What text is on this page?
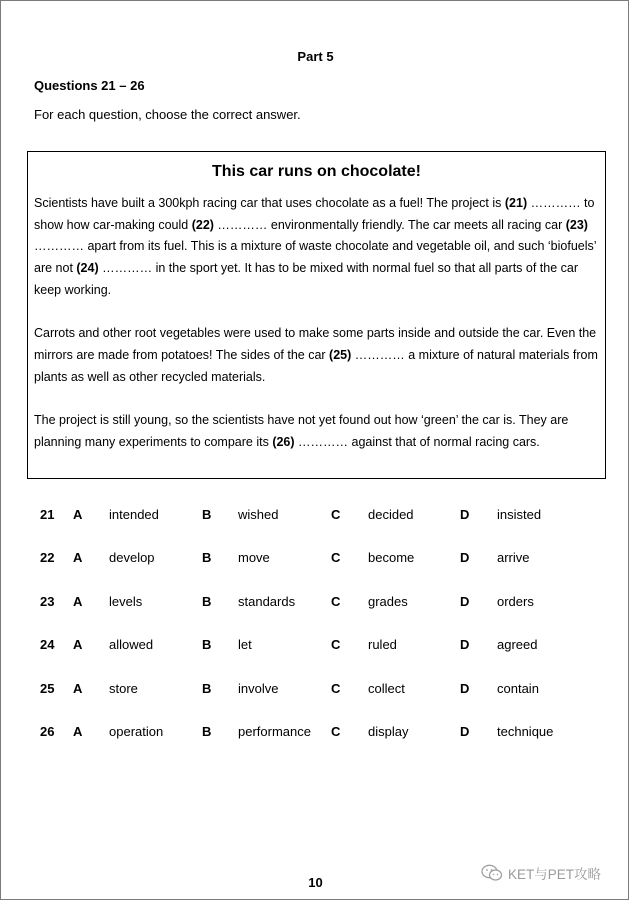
Part 5
Questions 21 – 26
For each question, choose the correct answer.
This car runs on chocolate!

Scientists have built a 300kph racing car that uses chocolate as a fuel! The project is (21) ………… to show how car-making could (22) ………… environmentally friendly. The car meets all racing car (23) ………… apart from its fuel. This is a mixture of waste chocolate and vegetable oil, and such ‘biofuels’ are not (24) ………… in the sport yet. It has to be mixed with normal fuel so that all parts of the car keep working.

Carrots and other root vegetables were used to make some parts inside and outside the car. Even the mirrors are made from potatoes! The sides of the car (25) ………… a mixture of natural materials from plants as well as other recycled materials.

The project is still young, so the scientists have not yet found out how ‘green’ the car is. They are planning many experiments to compare its (26) ………… against that of normal racing cars.

21 A intended	B wished	C decided	D insisted
22 A develop	B move	C become	D arrive
23 A levels	B standards	C grades	D orders
24 A allowed	B let	C ruled	D agreed
25 A store	B involve	C collect	D contain
26 A operation	B performance C display	D technique
10
KET与PET攻略
